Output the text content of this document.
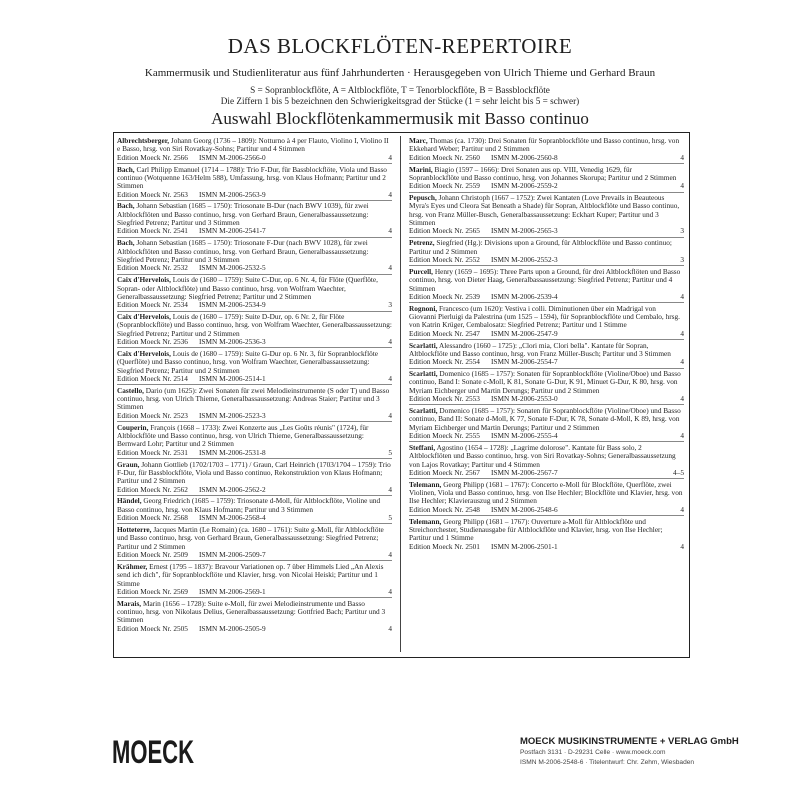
DAS BLOCKFLÖTEN-REPERTOIRE
Kammermusik und Studienliteratur aus fünf Jahrhunderten · Herausgegeben von Ulrich Thieme und Gerhard Braun
S = Sopranblockflöte, A = Altblockflöte, T = Tenorblockflöte, B = Bassblockflöte
Die Ziffern 1 bis 5 bezeichnen den Schwierigkeitsgrad der Stücke (1 = sehr leicht bis 5 = schwer)
Auswahl Blockflötenkammermusik mit Basso continuo
Albrechtsberger, Johann Georg (1736 – 1809): Notturno à 4 per Flauto, Violino I, Violino II e Basso, hrsg. von Siri Rovatkay-Sohns; Partitur und 4 Stimmen
Edition Moeck Nr. 2566	ISMN M-2006-2566-0	4
Bach, Carl Philipp Emanuel (1714 – 1788): Trio F-Dur, für Bassblockflöte, Viola und Basso continuo (Wotquenne 163/Helm 588), Umfassung, hrsg. von Klaus Hofmann; Partitur und 2 Stimmen
Edition Moeck Nr. 2563	ISMN M-2006-2563-9	4
Bach, Johann Sebastian (1685 – 1750): Triosonate B-Dur (nach BWV 1039), für zwei Altblockflöten und Basso continuo, hrsg. von Gerhard Braun, Generalbassaussetzung: Siegfried Petrenz; Partitur und 3 Stimmen
Edition Moeck Nr. 2541	ISMN M-2006-2541-7	4
Bach, Johann Sebastian (1685 – 1750): Triosonate F-Dur (nach BWV 1028), für zwei Altblockflöten und Basso continuo, hrsg. von Gerhard Braun, Generalbassaussetzung: Siegfried Petrenz; Partitur und 3 Stimmen
Edition Moeck Nr. 2532	ISMN M-2006-2532-5	4
Caix d'Hervelois, Louis de (1680 – 1759): Suite C-Dur, op. 6 Nr. 4, für Flöte (Querflöte, Sopran- oder Altblockflöte) und Basso continuo, hrsg. von Wolfram Waechter, Generalbassaussetzung: Siegfried Petrenz; Partitur und 2 Stimmen
Edition Moeck Nr. 2534	ISMN M-2006-2534-9	3
Caix d'Hervelois, Louis de (1680 – 1759): Suite D-Dur, op. 6 Nr. 2, für Flöte (Sopranblockflöte) und Basso continuo, hrsg. von Wolfram Waechter, Generalbassaussetzung: Siegfried Petrenz; Partitur und 2 Stimmen
Edition Moeck Nr. 2536	ISMN M-2006-2536-3	4
Caix d'Hervelois, Louis de (1680 – 1759): Suite G-Dur op. 6 Nr. 3, für Sopranblockflöte (Querflöte) und Basso continuo, hrsg. von Wolfram Waechter, Generalbassaussetzung: Siegfried Petrenz; Partitur und 2 Stimmen
Edition Moeck Nr. 2514	ISMN M-2006-2514-1	4
Castello, Dario (um 1625): Zwei Sonaten für zwei Melodieinstrumente (S oder T) und Basso continuo, hrsg. von Ulrich Thieme, Generalbassaussetzung: Andreas Staier; Partitur und 3 Stimmen
Edition Moeck Nr. 2523	ISMN M-2006-2523-3	4
Couperin, François (1668 – 1733): Zwei Konzerte aus „Les Goûts réunis" (1724), für Altblockflöte und Basso continuo, hrsg. von Ulrich Thieme, Generalbassaussetzung: Bernward Lohr; Partitur und 2 Stimmen
Edition Moeck Nr. 2531	ISMN M-2006-2531-8	5
Graun, Johann Gottlieb (1702/1703 – 1771) / Graun, Carl Heinrich (1703/1704 – 1759): Trio F-Dur, für Bassblockflöte, Viola und Basso continuo, Rekonstruktion von Klaus Hofmann; Partitur und 2 Stimmen
Edition Moeck Nr. 2562	ISMN M-2006-2562-2	4
Händel, Georg Friedrich (1685 – 1759): Triosonate d-Moll, für Altblockflöte, Violine und Basso continuo, hrsg. von Klaus Hofmann; Partitur und 3 Stimmen
Edition Moeck Nr. 2568	ISMN M-2006-2568-4	5
Hotteterre, Jacques Martin (Le Romain) (ca. 1680 – 1761): Suite g-Moll, für Altblockflöte und Basso continuo, hrsg. von Gerhard Braun, Generalbassaussetzung: Siegfried Petrenz; Partitur und 2 Stimmen
Edition Moeck Nr. 2509	ISMN M-2006-2509-7	4
Krähmer, Ernest (1795 – 1837): Bravour Variationen op. 7 über Himmels Lied „An Alexis send ich dich", für Sopranblockflöte und Klavier, hrsg. von Nicolai Heiski; Partitur und 1 Stimme
Edition Moeck Nr. 2569	ISMN M-2006-2569-1	4
Marais, Marin (1656 – 1728): Suite e-Moll, für zwei Melodieinstrumente und Basso continuo, hrsg. von Nikolaus Delius, Generalbassaussetzung: Gottfried Bach; Partitur und 3 Stimmen
Edition Moeck Nr. 2505	ISMN M-2006-2505-9	4
Marc, Thomas (ca. 1730): Drei Sonaten für Sopranblockflöte und Basso continuo, hrsg. von Ekkehard Weber; Partitur und 2 Stimmen
Edition Moeck Nr. 2560	ISMN M-2006-2560-8	4
Marini, Biagio (1597 – 1666): Drei Sonaten aus op. VIII, Venedig 1629, für Sopranblockflöte und Basso continuo, hrsg. von Johannes Skorupa; Partitur und 2 Stimmen
Edition Moeck Nr. 2559	ISMN M-2006-2559-2	4
Pepusch, Johann Christoph (1667 – 1752): Zwei Kantaten (Love Prevails in Beauteous Myra's Eyes und Cleora Sat Beneath a Shade) für Sopran, Altblockflöte und Basso continuo, hrsg. von Franz Müller-Busch, Generalbassaussetzung: Eckhart Kuper; Partitur und 3 Stimmen
Edition Moeck Nr. 2565	ISMN M-2006-2565-3	3
Petrenz, Siegfried (Hg.): Divisions upon a Ground, für Altblockflöte und Basso continuo; Partitur und 2 Stimmen
Edition Moeck Nr. 2552	ISMN M-2006-2552-3	3
Purcell, Henry (1659 – 1695): Three Parts upon a Ground, für drei Altblockflöten und Basso continuo, hrsg. von Dieter Haag, Generalbassaussetzung: Siegfried Petrenz; Partitur und 4 Stimmen
Edition Moeck Nr. 2539	ISMN M-2006-2539-4	4
Rognoni, Francesco (um 1620): Vestiva i colli. Diminutionen über ein Madrigal von Giovanni Pierluigi da Palestrina (um 1525 – 1594), für Sopranblockflöte und Cembalo, hrsg. von Katrin Krüger, Cembalosatz: Siegfried Petrenz; Partitur und 1 Stimme
Edition Moeck Nr. 2547	ISMN M-2006-2547-9	4
Scarlatti, Alessandro (1660 – 1725): „Clori mia, Clori bella". Kantate für Sopran, Altblockflöte und Basso continuo, hrsg. von Franz Müller-Busch; Partitur und 3 Stimmen
Edition Moeck Nr. 2554	ISMN M-2006-2554-7	4
Scarlatti, Domenico (1685 – 1757): Sonaten für Sopranblockflöte (Violine/Oboe) und Basso continuo, Band I: Sonate c-Moll, K 81, Sonate G-Dur, K 91, Minuet G-Dur, K 80, hrsg. von Myriam Eichberger und Martin Derungs; Partitur und 2 Stimmen
Edition Moeck Nr. 2553	ISMN M-2006-2553-0	4
Scarlatti, Domenico (1685 – 1757): Sonaten für Sopranblockflöte (Violine/Oboe) und Basso continuo, Band II: Sonate d-Moll, K 77, Sonate F-Dur, K 78, Sonate d-Moll, K 89, hrsg. von Myriam Eichberger und Martin Derungs; Partitur und 2 Stimmen
Edition Moeck Nr. 2555	ISMN M-2006-2555-4	4
Steffani, Agostino (1654 – 1728): „Lagrime dolorose". Kantate für Bass solo, 2 Altblockflöten und Basso continuo, hrsg. von Siri Rovatkay-Sohns; Generalbassaussetzung von Lajos Rovatkay; Partitur und 4 Stimmen
Edition Moeck Nr. 2567	ISMN M-2006-2567-7	4–5
Telemann, Georg Philipp (1681 – 1767): Concerto e-Moll für Blockflöte, Querflöte, zwei Violinen, Viola und Basso continuo, hrsg. von Ilse Hechler; Blockflöte und Klavier, hrsg. von Ilse Hechler; Klavierauszug und 2 Stimmen
Edition Moeck Nr. 2548	ISMN M-2006-2548-6	4
Telemann, Georg Philipp (1681 – 1767): Ouverture a-Moll für Altblockflöte und Streichorchester, Studienausgabe für Altblockflöte und Klavier, hrsg. von Ilse Hechler; Partitur und 1 Stimme
Edition Moeck Nr. 2501	ISMN M-2006-2501-1	4
MOECK	MOECK MUSIKINSTRUMENTE + VERLAG GmbH
Postfach 3131 · D-29231 Celle · www.moeck.com
ISMN M-2006-2548-6 · Titelentwurf: Chr. Zehm, Wiesbaden
